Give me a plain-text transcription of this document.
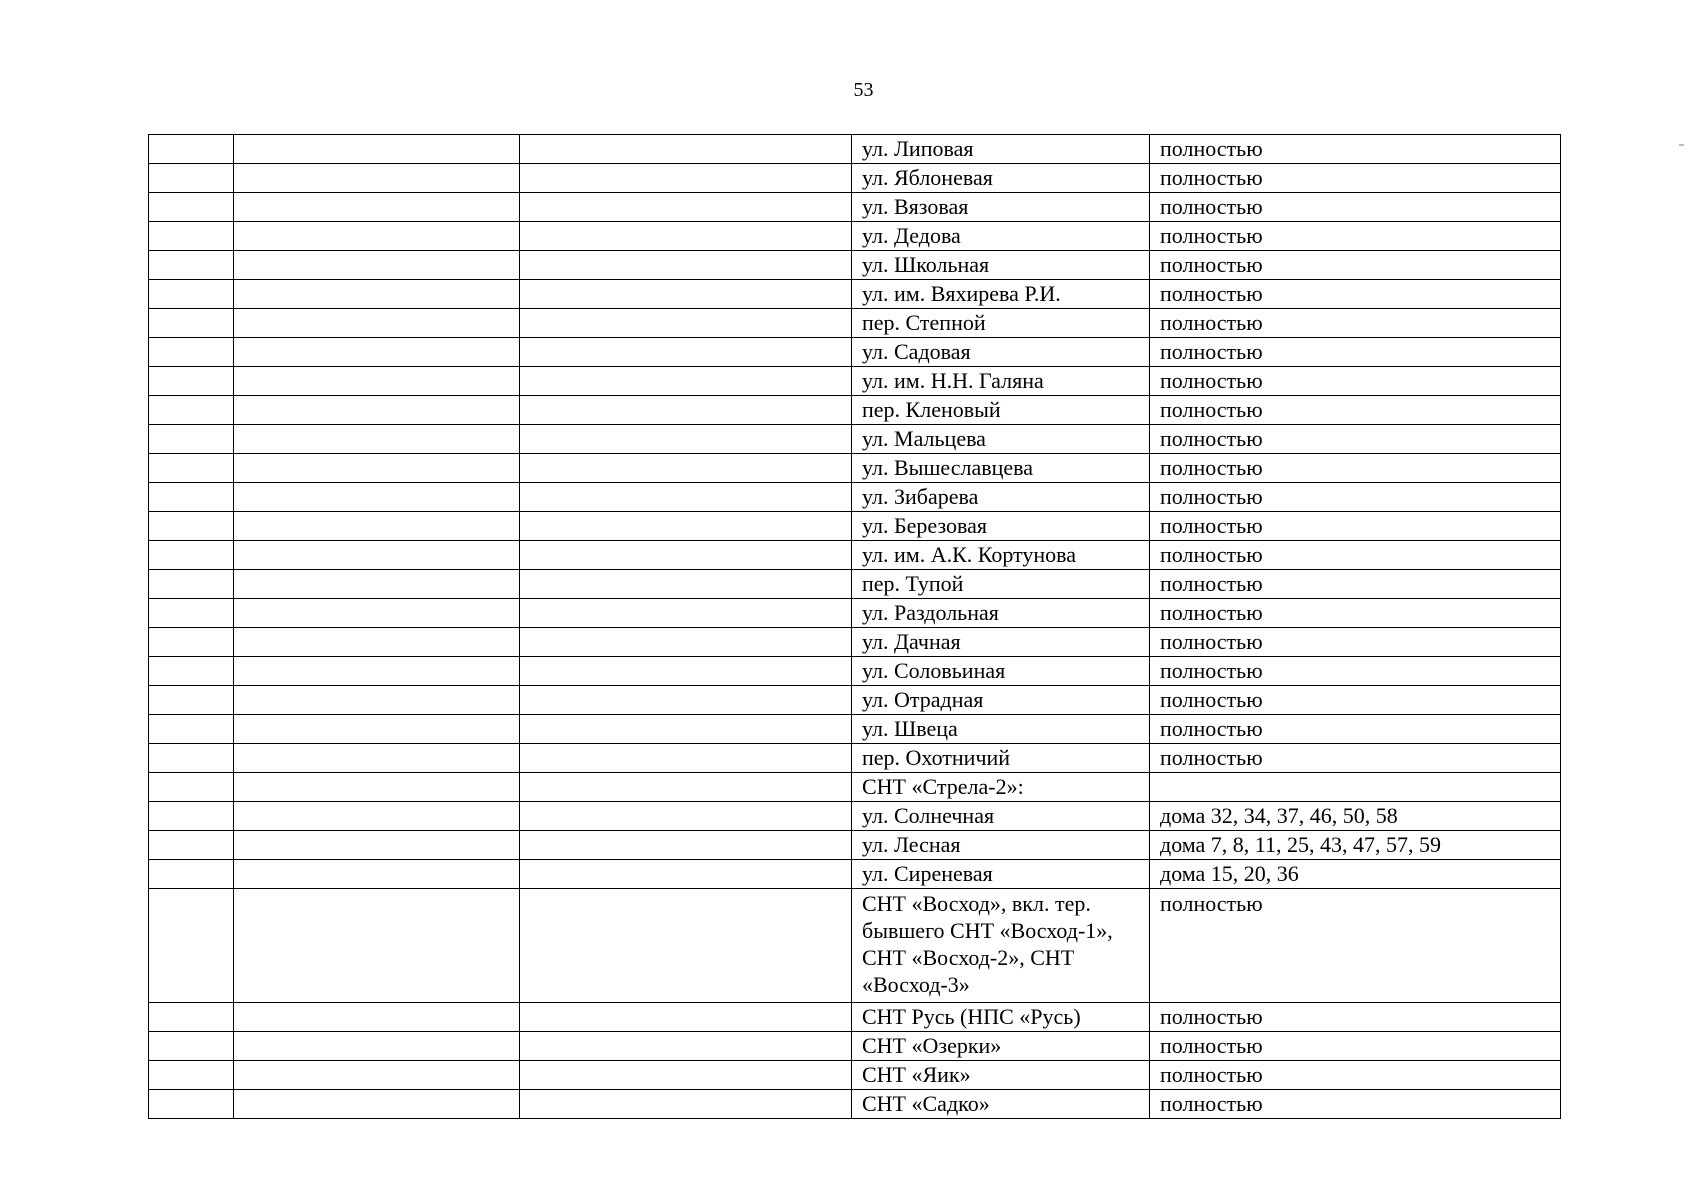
53
			ул. Липовая	полностью
			ул. Яблоневая	полностью
			ул. Вязовая	полностью
			ул. Дедова	полностью
			ул. Школьная	полностью
			ул. им. Вяхирева Р.И.	полностью
			пер. Степной	полностью
			ул. Садовая	полностью
			ул. им. Н.Н. Галяна	полностью
			пер. Кленовый	полностью
			ул. Мальцева	полностью
			ул. Вышеславцева	полностью
			ул. Зибарева	полностью
			ул. Березовая	полностью
			ул. им. А.К. Кортунова	полностью
			пер. Тупой	полностью
			ул. Раздольная	полностью
			ул. Дачная	полностью
			ул. Соловьиная	полностью
			ул. Отрадная	полностью
			ул. Швеца	полностью
			пер. Охотничий	полностью
			СНТ «Стрела-2»:	
			ул. Солнечная	дома 32, 34, 37, 46, 50, 58
			ул. Лесная	дома 7, 8, 11, 25, 43, 47, 57, 59
			ул. Сиреневая	дома 15, 20, 36
			СНТ «Восход», вкл. тер. бывшего СНТ «Восход-1», СНТ «Восход-2», СНТ «Восход-3»	полностью
			СНТ Русь (НПС «Русь)	полностью
			СНТ «Озерки»	полностью
			СНТ «Яик»	полностью
			СНТ «Садко»	полностью
